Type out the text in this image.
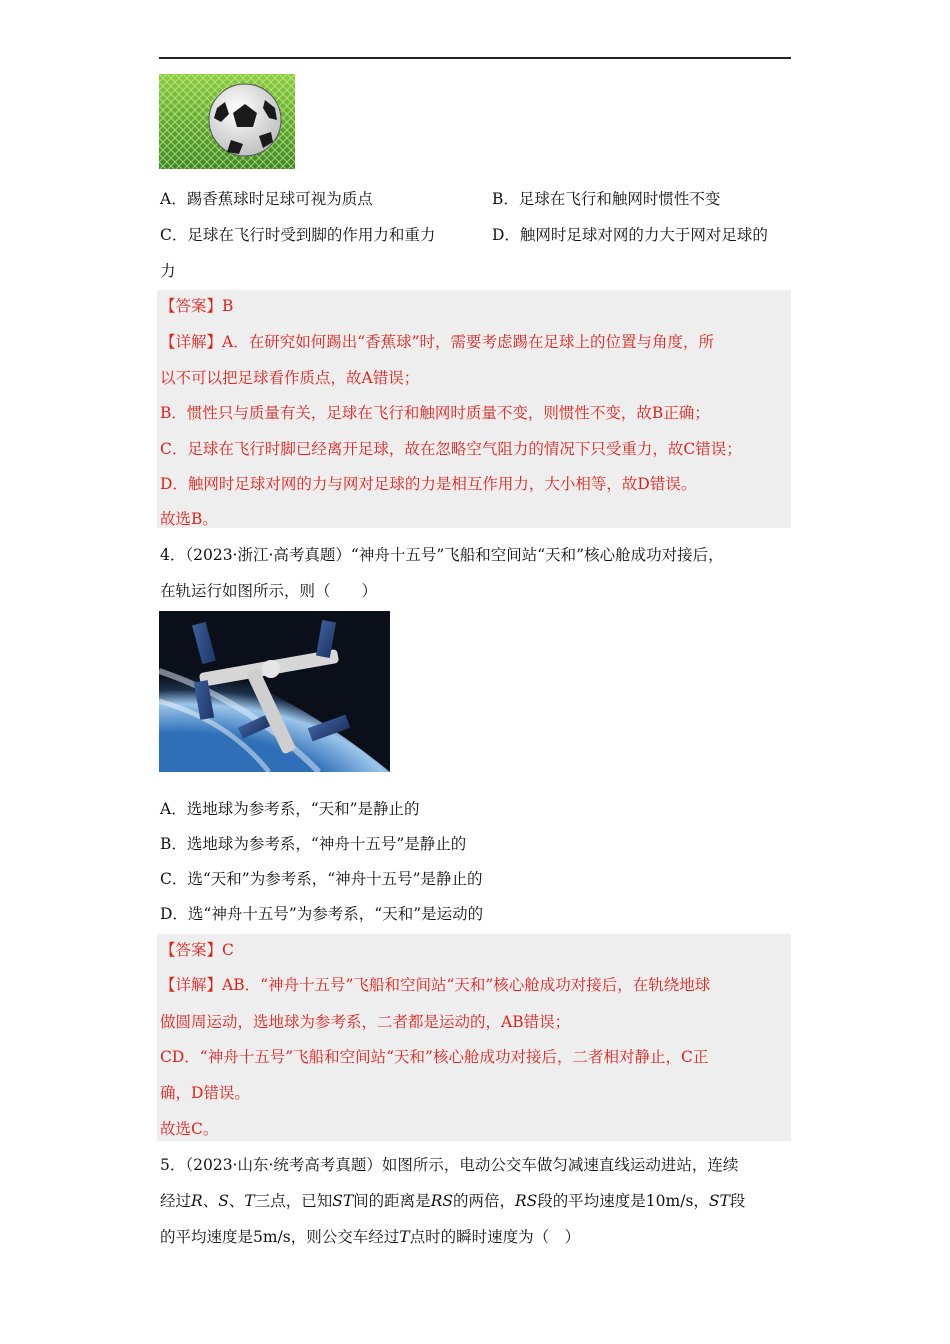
A．踢香蕉球时足球可视为质点	B．足球在飞行和触网时惯性不变
C．足球在飞行时受到脚的作用力和重力	D．触网时足球对网的力大于网对足球的
力
【答案】B
【详解】A．在研究如何踢出“香蕉球”时，需要考虑踢在足球上的位置与角度，所
以不可以把足球看作质点，故A错误；
B．惯性只与质量有关，足球在飞行和触网时质量不变，则惯性不变，故B正确；
C．足球在飞行时脚已经离开足球，故在忽略空气阻力的情况下只受重力，故C错误；
D．触网时足球对网的力与网对足球的力是相互作用力，大小相等，故D错误。
故选B。
4．（2023·浙江·高考真题）“神舟十五号”飞船和空间站“天和”核心舱成功对接后，
在轨运行如图所示，则（　　）
A．选地球为参考系，“天和”是静止的
B．选地球为参考系，“神舟十五号”是静止的
C．选“天和”为参考系，“神舟十五号”是静止的
D．选“神舟十五号”为参考系，“天和”是运动的
【答案】C
【详解】AB．“神舟十五号”飞船和空间站“天和”核心舱成功对接后，在轨绕地球
做圆周运动，选地球为参考系，二者都是运动的，AB错误；
CD．“神舟十五号”飞船和空间站“天和”核心舱成功对接后，二者相对静止，C正
确，D错误。
故选C。
5．（2023·山东·统考高考真题）如图所示，电动公交车做匀减速直线运动进站，连续
经过R、S、T三点，已知ST间的距离是RS的两倍，RS段的平均速度是10m/s，ST段
的平均速度是5m/s，则公交车经过T点时的瞬时速度为（　）
